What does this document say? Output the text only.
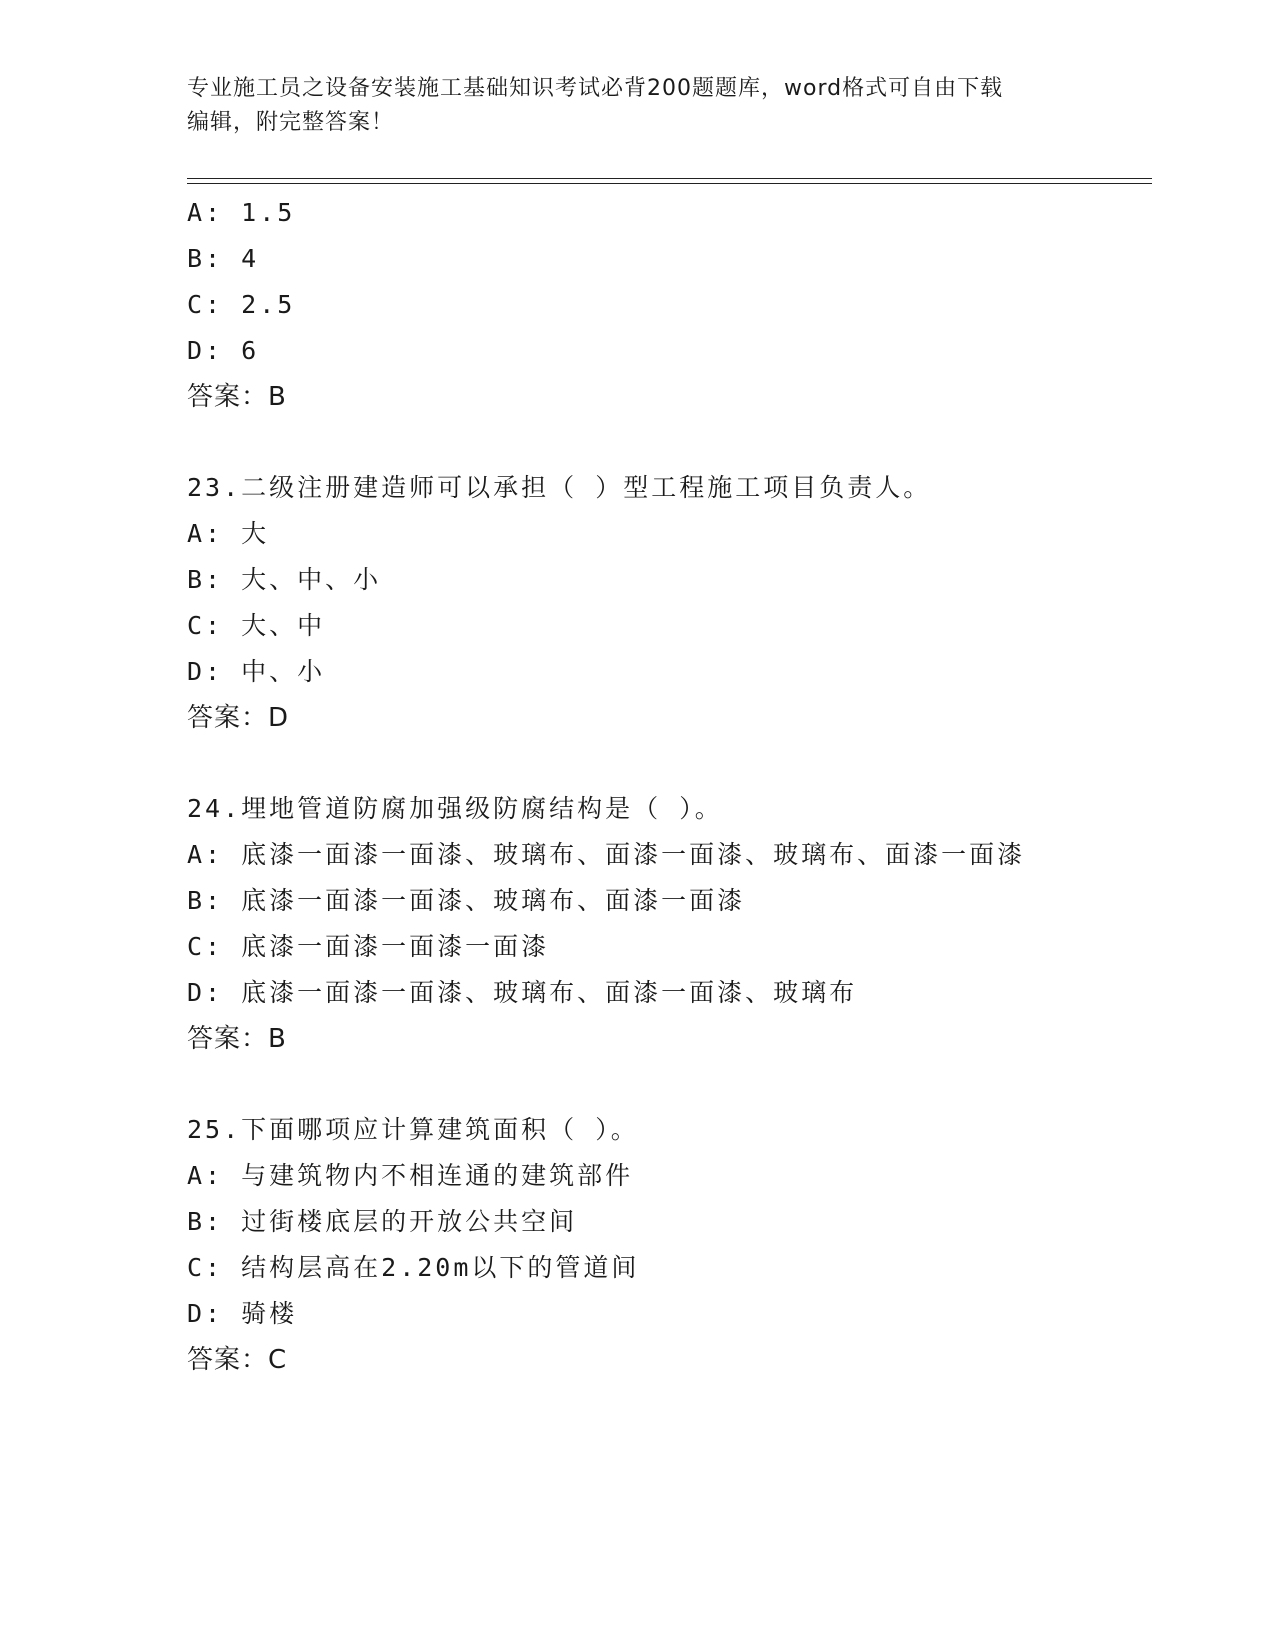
专业施工员之设备安装施工基础知识考试必背200题题库，word格式可自由下载
编辑，附完整答案！
A: 1.5
B: 4
C: 2.5
D: 6
答案：B
23.二级注册建造师可以承担（ ）型工程施工项目负责人。
A: 大
B: 大、中、小
C: 大、中
D: 中、小
答案：D
24.埋地管道防腐加强级防腐结构是（ ）。
A: 底漆一面漆一面漆、玻璃布、面漆一面漆、玻璃布、面漆一面漆
B: 底漆一面漆一面漆、玻璃布、面漆一面漆
C: 底漆一面漆一面漆一面漆
D: 底漆一面漆一面漆、玻璃布、面漆一面漆、玻璃布
答案：B
25.下面哪项应计算建筑面积（ ）。
A: 与建筑物内不相连通的建筑部件
B: 过街楼底层的开放公共空间
C: 结构层高在2.20m以下的管道间
D: 骑楼
答案：C
